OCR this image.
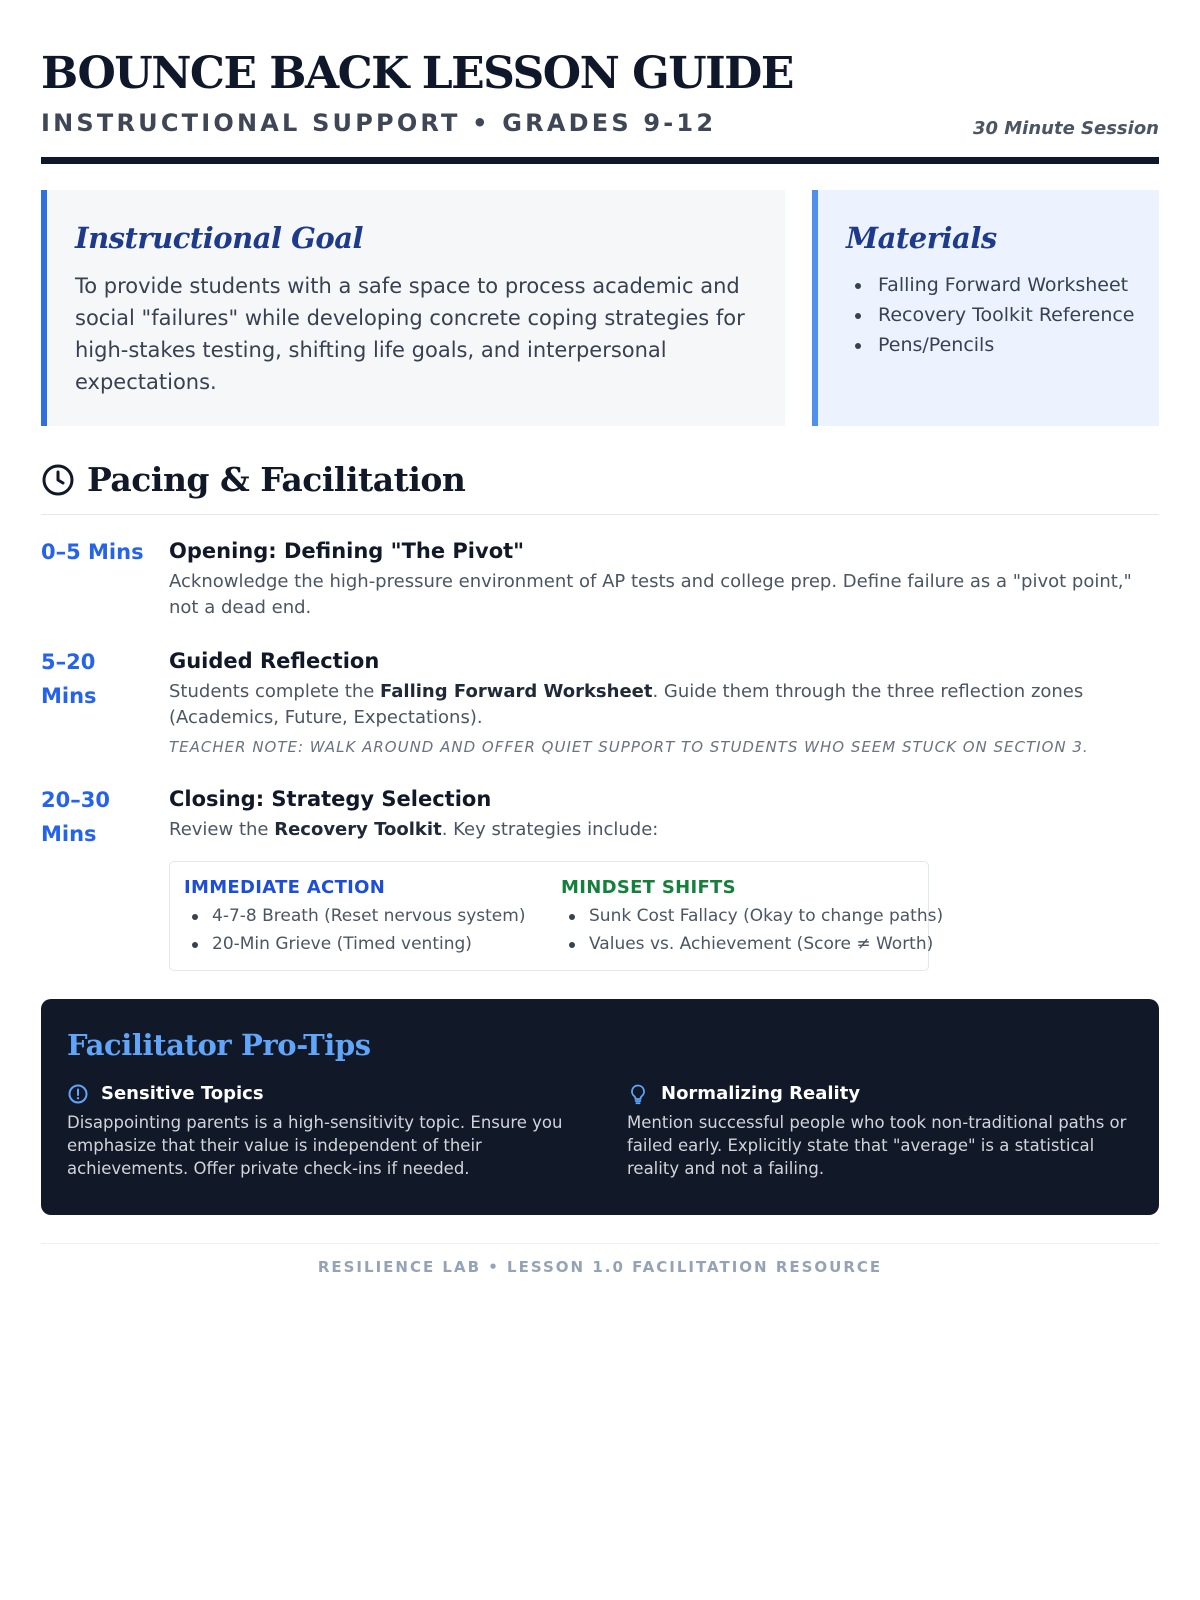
BOUNCE BACK LESSON GUIDE
INSTRUCTIONAL SUPPORT • GRADES 9-12	30 Minute Session
Instructional Goal

To provide students with a safe space to process academic and social "failures" while developing concrete coping strategies for high-stakes testing, shifting life goals, and interpersonal expectations.

Materials
Falling Forward Worksheet
Recovery Toolkit Reference
Pens/Pencils
Pacing & Facilitation
0–5 Mins	Opening: Defining "The Pivot"
Acknowledge the high-pressure environment of AP tests and college prep. Define failure as a "pivot point," not a dead end.
5–20 Mins
Guided Reflection
Students complete the Falling Forward Worksheet. Guide them through the three reflection zones (Academics, Future, Expectations).
TEACHER NOTE: WALK AROUND AND OFFER QUIET SUPPORT TO STUDENTS WHO SEEM STUCK ON SECTION 3.
20–30 Mins
Closing: Strategy Selection
Review the Recovery Toolkit. Key strategies include:
IMMEDIATE ACTION
4-7-8 Breath (Reset nervous system)
20-Min Grieve (Timed venting)
MINDSET SHIFTS
Sunk Cost Fallacy (Okay to change paths)
Values vs. Achievement (Score ≠ Worth)
Facilitator Pro-Tips
Sensitive Topics

Disappointing parents is a high-sensitivity topic. Ensure you emphasize that their value is independent of their achievements. Offer private check-ins if needed.

Normalizing Reality

Mention successful people who took non-traditional paths or failed early. Explicitly state that "average" is a statistical reality and not a failing.

RESILIENCE LAB • LESSON 1.0 FACILITATION RESOURCE
